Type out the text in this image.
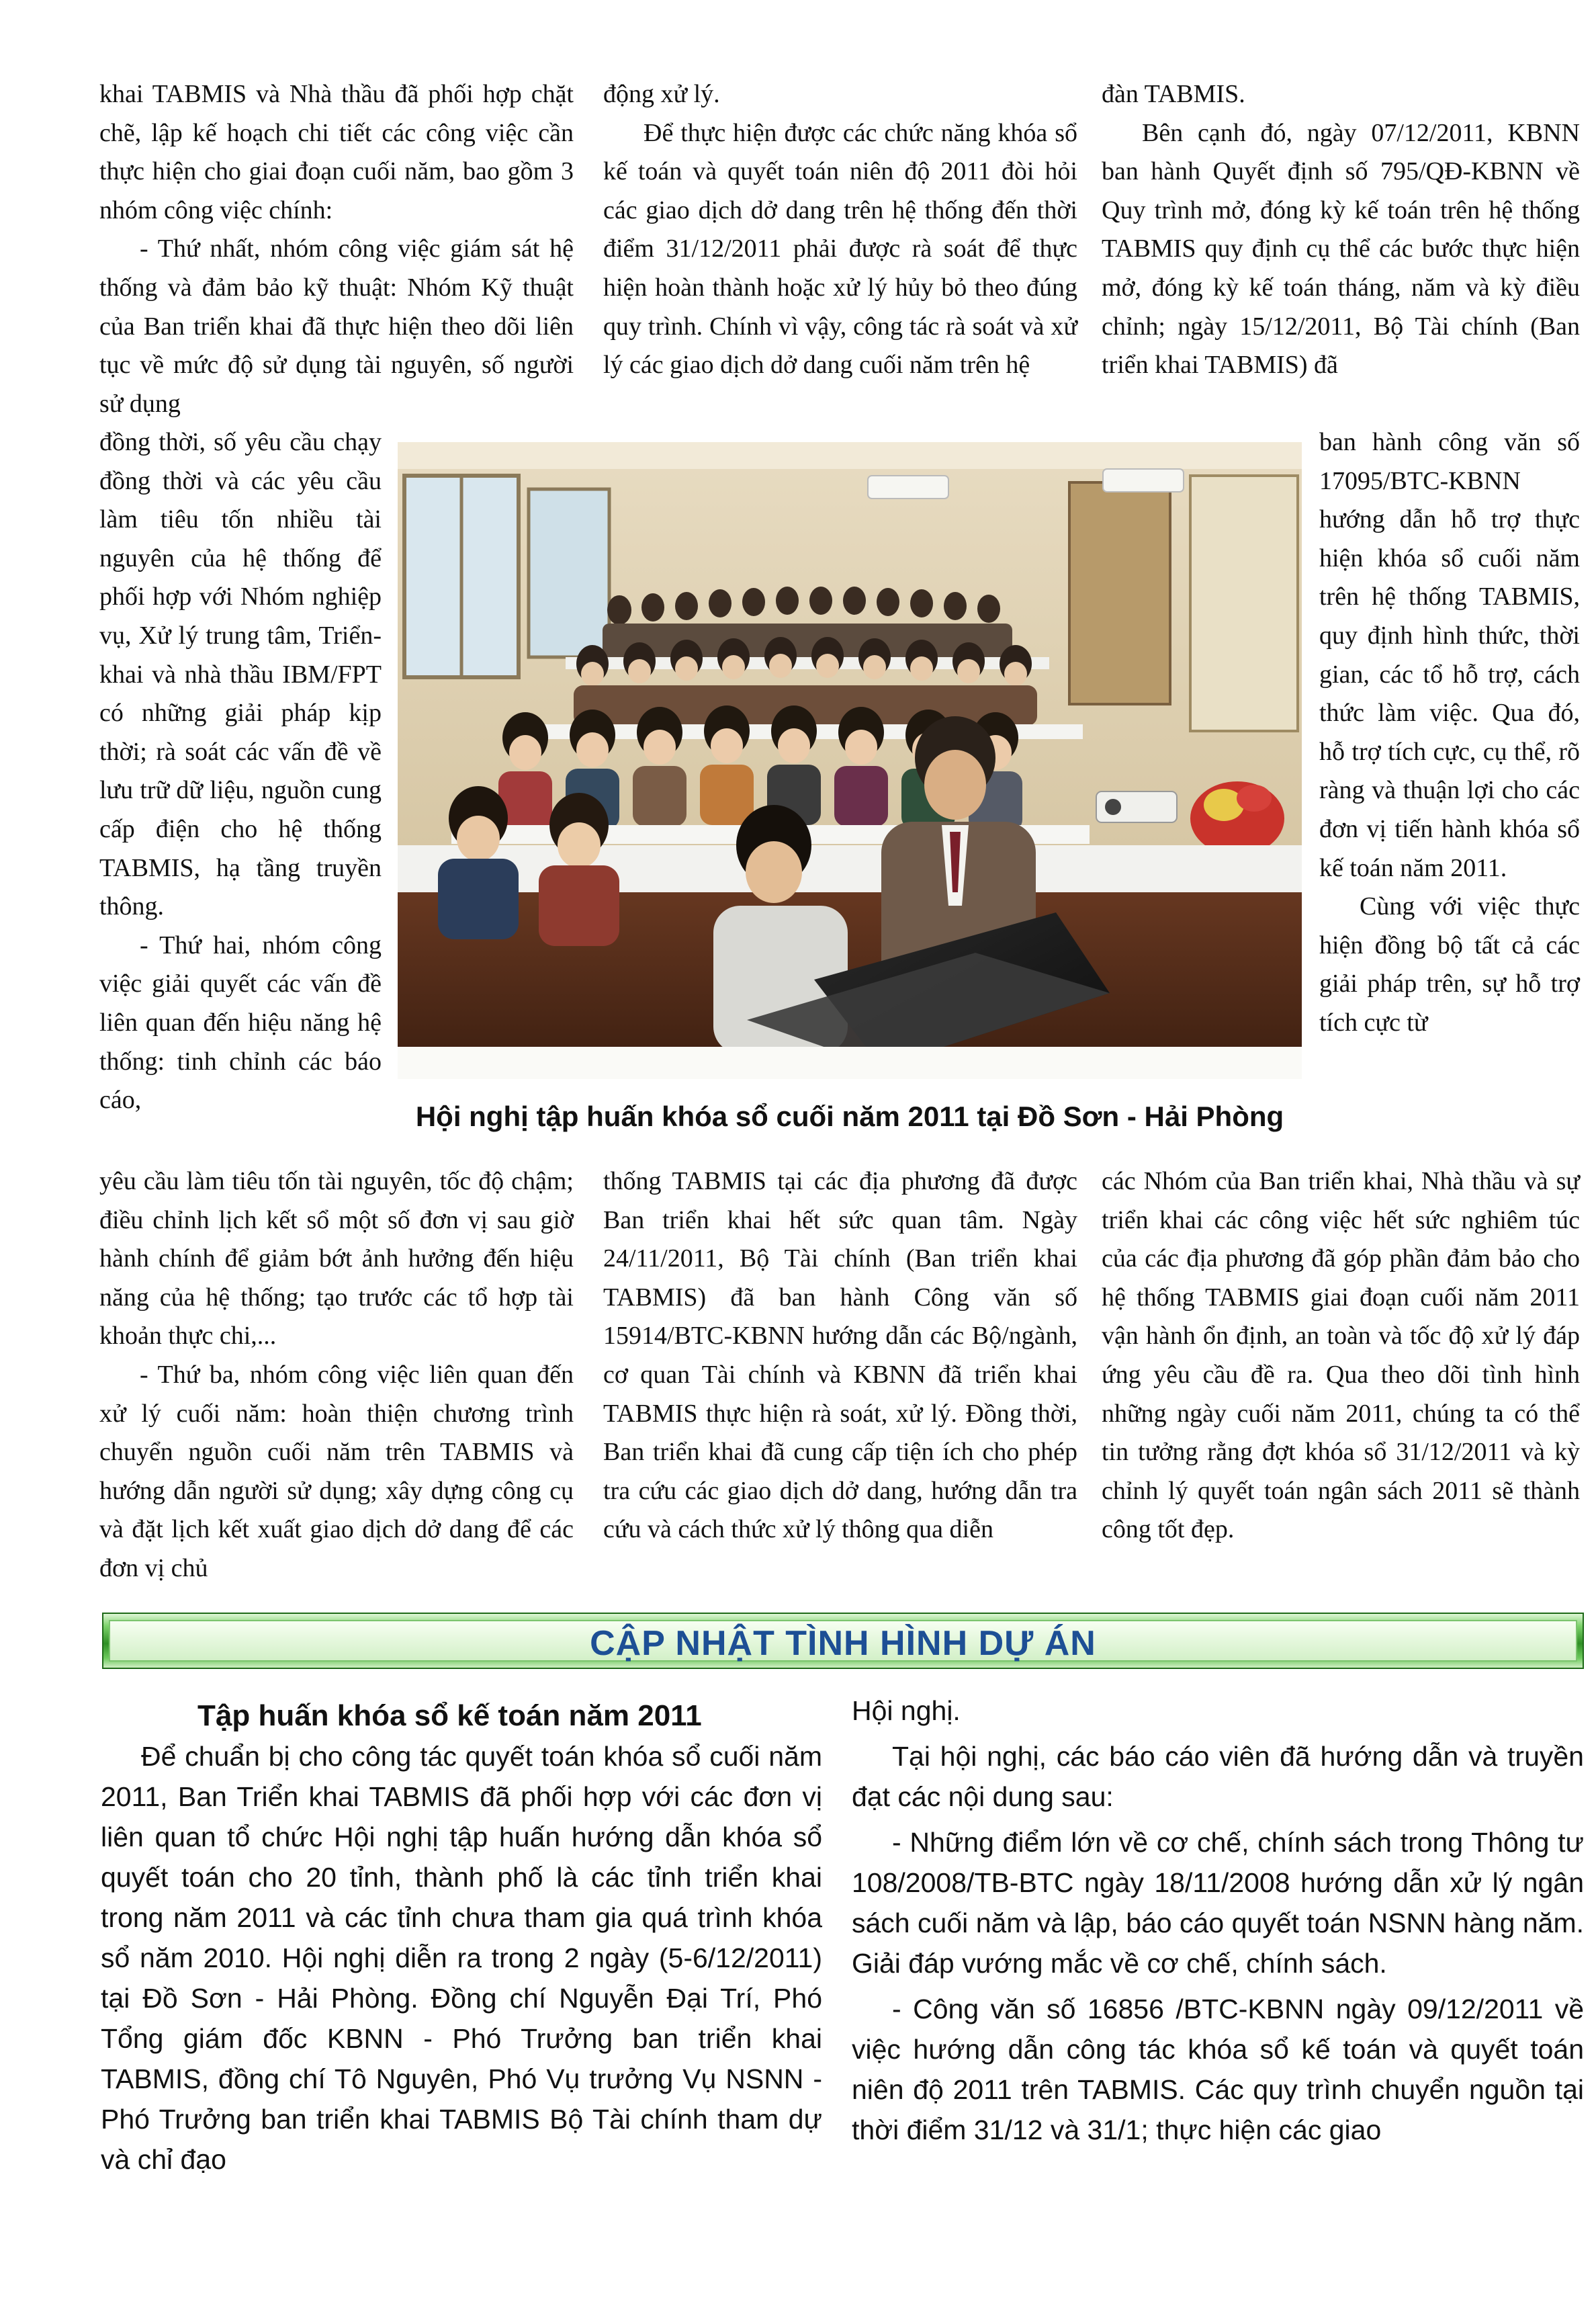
khai TABMIS và Nhà thầu đã phối hợp chặt chẽ, lập kế hoạch chi tiết các công việc cần thực hiện cho giai đoạn cuối năm, bao gồm 3 nhóm công việc chính:

- Thứ nhất, nhóm công việc giám sát hệ thống và đảm bảo kỹ thuật: Nhóm Kỹ thuật của Ban triển khai đã thực hiện theo dõi liên tục về mức độ sử dụng tài nguyên, số người sử dụng

đồng thời, số yêu cầu chạy đồng thời và các yêu cầu làm tiêu tốn nhiều tài nguyên của hệ thống để phối hợp với Nhóm nghiệp vụ, Xử lý trung tâm, Triển- khai và nhà thầu IBM/FPT có những giải pháp kịp thời; rà soát các vấn đề về lưu trữ dữ liệu, nguồn cung cấp điện cho hệ thống TABMIS, hạ tầng truyền thông.

- Thứ hai, nhóm công việc giải quyết các vấn đề liên quan đến hiệu năng hệ thống: tinh chỉnh các báo cáo,

yêu cầu làm tiêu tốn tài nguyên, tốc độ chậm; điều chỉnh lịch kết sổ một số đơn vị sau giờ hành chính để giảm bớt ảnh hưởng đến hiệu năng của hệ thống; tạo trước các tổ hợp tài khoản thực chi,...

- Thứ ba, nhóm công việc liên quan đến xử lý cuối năm: hoàn thiện chương trình chuyển nguồn cuối năm trên TABMIS và hướng dẫn người sử dụng; xây dựng công cụ và đặt lịch kết xuất giao dịch dở dang để các đơn vị chủ

động xử lý.

Để thực hiện được các chức năng khóa sổ kế toán và quyết toán niên độ 2011 đòi hỏi các giao dịch dở dang trên hệ thống đến thời điểm 31/12/2011 phải được rà soát để thực hiện hoàn thành hoặc xử lý hủy bỏ theo đúng quy trình. Chính vì vậy, công tác rà soát và xử lý các giao dịch dở dang cuối năm trên hệ

thống TABMIS tại các địa phương đã được Ban triển khai hết sức quan tâm. Ngày 24/11/2011, Bộ Tài chính (Ban triển khai TABMIS) đã ban hành Công văn số 15914/BTC-KBNN hướng dẫn các Bộ/ngành, cơ quan Tài chính và KBNN đã triển khai TABMIS thực hiện rà soát, xử lý. Đồng thời, Ban triển khai đã cung cấp tiện ích cho phép tra cứu các giao dịch dở dang, hướng dẫn tra cứu và cách thức xử lý thông qua diễn

đàn TABMIS.

Bên cạnh đó, ngày 07/12/2011, KBNN ban hành Quyết định số 795/QĐ-KBNN về Quy trình mở, đóng kỳ kế toán trên hệ thống TABMIS quy định cụ thể các bước thực hiện mở, đóng kỳ kế toán tháng, năm và kỳ điều chỉnh; ngày 15/12/2011, Bộ Tài chính (Ban triển khai TABMIS) đã

ban hành công văn số 17095/BTC-KBNN hướng dẫn hỗ trợ thực hiện khóa sổ cuối năm trên hệ thống TABMIS, quy định hình thức, thời gian, các tổ hỗ trợ, cách thức làm việc. Qua đó, hỗ trợ tích cực, cụ thể, rõ ràng và thuận lợi cho các đơn vị tiến hành khóa sổ kế toán năm 2011.

Cùng với việc thực hiện đồng bộ tất cả các giải pháp trên, sự hỗ trợ tích cực từ

các Nhóm của Ban triển khai, Nhà thầu và sự triển khai các công việc hết sức nghiêm túc của các địa phương đã góp phần đảm bảo cho hệ thống TABMIS giai đoạn cuối năm 2011 vận hành ổn định, an toàn và tốc độ xử lý đáp ứng yêu cầu đề ra. Qua theo dõi tình hình những ngày cuối năm 2011, chúng ta có thể tin tưởng rằng đợt khóa sổ 31/12/2011 và kỳ chỉnh lý quyết toán ngân sách 2011 sẽ thành công tốt đẹp.

Hội nghị tập huấn khóa sổ cuối năm 2011 tại Đồ Sơn - Hải Phòng
CẬP NHẬT TÌNH HÌNH DỰ ÁN

Tập huấn khóa sổ kế toán năm 2011

Để chuẩn bị cho công tác quyết toán khóa sổ cuối năm 2011, Ban Triển khai TABMIS đã phối hợp với các đơn vị liên quan tổ chức Hội nghị tập huấn hướng dẫn khóa sổ quyết toán cho 20 tỉnh, thành phố là các tỉnh triển khai trong năm 2011 và các tỉnh chưa tham gia quá trình khóa sổ năm 2010. Hội nghị diễn ra trong 2 ngày (5-6/12/2011) tại Đồ Sơn - Hải Phòng. Đồng chí Nguyễn Đại Trí, Phó Tổng giám đốc KBNN - Phó Trưởng ban triển khai TABMIS, đồng chí Tô Nguyên, Phó Vụ trưởng Vụ NSNN - Phó Trưởng ban triển khai TABMIS Bộ Tài chính tham dự và chỉ đạo

Hội nghị.

Tại hội nghị, các báo cáo viên đã hướng dẫn và truyền đạt các nội dung sau:

- Những điểm lớn về cơ chế, chính sách trong Thông tư 108/2008/TB-BTC ngày 18/11/2008 hướng dẫn xử lý ngân sách cuối năm và lập, báo cáo quyết toán NSNN hàng năm. Giải đáp vướng mắc về cơ chế, chính sách.

- Công văn số 16856 /BTC-KBNN ngày 09/12/2011 về việc hướng dẫn công tác khóa sổ kế toán và quyết toán niên độ 2011 trên TABMIS. Các quy trình chuyển nguồn tại thời điểm 31/12 và 31/1; thực hiện các giao
